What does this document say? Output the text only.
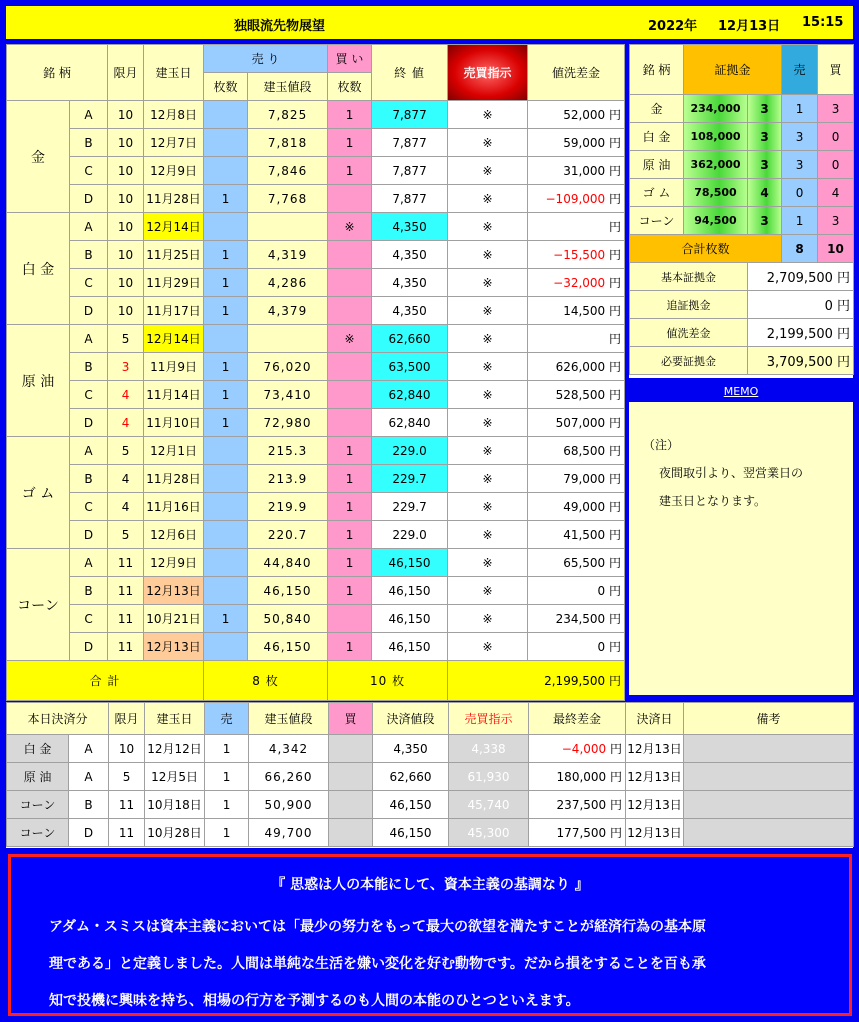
独眼流先物展望	2022年 12月13日 15:15
銘 柄		限月	建玉日	売 り		買 い	終 値	売買指示	値洗差金
				枚数	建玉値段	枚数			
金	A	10	12月8日		7,825	1	7,877	※	52,000 円
	B	10	12月7日		7,818	1	7,877	※	59,000 円
	C	10	12月9日		7,846	1	7,877	※	31,000 円
	D	10	11月28日	1	7,768		7,877	※	−109,000 円
白 金	A	10	12月14日			※	4,350	※	円
	B	10	11月25日	1	4,319		4,350	※	−15,500 円
	C	10	11月29日	1	4,286		4,350	※	−32,000 円
	D	10	11月17日	1	4,379		4,350	※	14,500 円
原 油	A	5	12月14日			※	62,660	※	円
	B	3	11月9日	1	76,020		63,500	※	626,000 円
	C	4	11月14日	1	73,410		62,840	※	528,500 円
	D	4	11月10日	1	72,980		62,840	※	507,000 円
ゴ ム	A	5	12月1日		215.3	1	229.0	※	68,500 円
	B	4	11月28日		213.9	1	229.7	※	79,000 円
	C	4	11月16日		219.9	1	229.7	※	49,000 円
	D	5	12月6日		220.7	1	229.0	※	41,500 円
コーン	A	11	12月9日		44,840	1	46,150	※	65,500 円
	B	11	12月13日		46,150	1	46,150	※	0 円
	C	11	10月21日	1	50,840		46,150	※	234,500 円
	D	11	12月13日		46,150	1	46,150	※	0 円
合 計				8 枚		10 枚		2,199,500 円	
銘 柄	証拠金		売	買
金	234,000	3	1	3
白 金	108,000	3	3	0
原 油	362,000	3	3	0
ゴ ム	78,500	4	0	4
コーン	94,500	3	1	3
合計枚数			8	10
基本証拠金		2,709,500 円		
追証拠金		0 円		
値洗差金		2,199,500 円		
必要証拠金		3,709,500 円		
MEMO
（注）
夜間取引より、翌営業日の
建玉日となります。
本日決済分		限月	建玉日	売	建玉値段	買	決済値段	売買指示	最終差金	決済日	備考
白 金	A	10	12月12日	1	4,342		4,350	4,338	−4,000 円	12月13日	
原 油	A	5	12月5日	1	66,260		62,660	61,930	180,000 円	12月13日	
コーン	B	11	10月18日	1	50,900		46,150	45,740	237,500 円	12月13日	
コーン	D	11	10月28日	1	49,700		46,150	45,300	177,500 円	12月13日	
『 思惑は人の本能にして、資本主義の基調なり 』
アダム・スミスは資本主義においては「最少の努力をもって最大の欲望を満たすことが経済行為の基本原
理である」と定義しました。人間は単純な生活を嫌い変化を好む動物です。だから損をすることを百も承
知で投機に興味を持ち、相場の行方を予測するのも人間の本能のひとつといえます。
